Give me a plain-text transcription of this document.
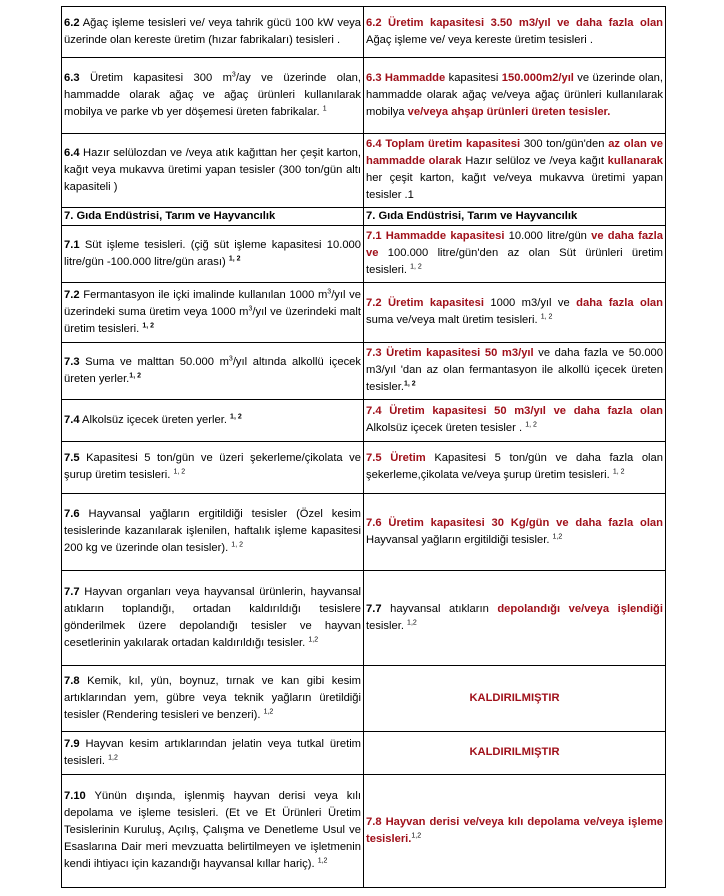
6.2 Ağaç işleme tesisleri ve/ veya tahrik gücü 100 kW veya üzerinde olan kereste üretim (hızar fabrikaları) tesisleri .	6.2 Üretim kapasitesi 3.50 m3/yıl ve daha fazla olan Ağaç işleme ve/ veya kereste üretim tesisleri .
6.3 Üretim kapasitesi 300 $m^3/ay$ ve üzerinde olan, hammadde olarak ağaç ve ağaç ürünleri kullanılarak mobilya ve parke vb yer döşemesi üreten fabrikalar. $^1$	6.3 Hammadde kapasitesi 150.000m2/yıl ve üzerinde olan, hammadde olarak ağaç ve/veya ağaç ürünleri kullanılarak mobilya ve/veya ahşap ürünleri üreten tesisler.
6.4 Hazır selülozdan ve /veya atık kağıttan her çeşit karton, kağıt veya mukavva üretimi yapan tesisler (300 ton/gün altı kapasiteli )	6.4 Toplam üretim kapasitesi 300 ton/gün'den az olan ve hammadde olarak Hazır selüloz ve /veya kağıt kullanarak her çeşit karton, kağıt ve/veya mukavva üretimi yapan tesisler .1
7. Gıda Endüstrisi, Tarım ve Hayvancılık	7. Gıda Endüstrisi, Tarım ve Hayvancılık
7.1 Süt işleme tesisleri. (çiğ süt işleme kapasitesi 10.000 litre/gün -100.000 litre/gün arası) $^{1, 2}$	7.1 Hammadde kapasitesi 10.000 litre/gün ve daha fazla ve 100.000 litre/gün'den az olan Süt ürünleri üretim tesisleri. $^{1, 2}$
7.2 Fermantasyon ile içki imalinde kullanılan 1000 $m^3$/yıl ve üzerindeki suma üretim veya 1000 $m^3$/yıl ve üzerindeki malt üretim tesisleri. $^{1, 2}$	7.2 Üretim kapasitesi 1000 m3/yıl ve daha fazla olan suma ve/veya malt üretim tesisleri. $^{1, 2}$
7.3 Suma ve malttan 50.000 $m^3$/yıl altında alkollü içecek üreten yerler.$^{1, 2}$	7.3 Üretim kapasitesi 50 m3/yıl ve daha fazla ve 50.000 m3/yıl 'dan az olan fermantasyon ile alkollü içecek üreten tesisler.$^{1, 2}$
7.4 Alkolsüz içecek üreten yerler. $^{1, 2}$	7.4 Üretim kapasitesi 50 m3/yıl ve daha fazla olan Alkolsüz içecek üreten tesisler . $^{1, 2}$
7.5 Kapasitesi 5 ton/gün ve üzeri şekerleme/çikolata ve şurup üretim tesisleri. $^{1, 2}$	7.5 Üretim Kapasitesi 5 ton/gün ve daha fazla olan şekerleme,çikolata ve/veya şurup üretim tesisleri. $^{1, 2}$
7.6 Hayvansal yağların ergitildiği tesisler (Özel kesim tesislerinde kazanılarak işlenilen, haftalık işleme kapasitesi 200 kg ve üzerinde olan tesisler). $^{1, 2}$	7.6 Üretim kapasitesi 30 Kg/gün ve daha fazla olan Hayvansal yağların ergitildiği tesisler. $^{1,2}$
7.7 Hayvan organları veya hayvansal ürünlerin, hayvansal atıkların toplandığı, ortadan kaldırıldığı tesislere gönderilmek üzere depolandığı tesisler ve hayvan cesetlerinin yakılarak ortadan kaldırıldığı tesisler. $^{1,2}$	7.7 hayvansal atıkların depolandığı ve/veya işlendiği tesisler. $^{1,2}$
7.8 Kemik, kıl, yün, boynuz, tırnak ve kan gibi kesim artıklarından yem, gübre veya teknik yağların üretildiği tesisler (Rendering tesisleri ve benzeri). $^{1,2}$	KALDIRILMIŞTIR
7.9 Hayvan kesim artıklarından jelatin veya tutkal üretim tesisleri. $^{1,2}$	KALDIRILMIŞTIR
7.10 Yünün dışında, işlenmiş hayvan derisi veya kılı depolama ve işleme tesisleri. (Et ve Et Ürünleri Üretim Tesislerinin Kuruluş, Açılış, Çalışma ve Denetleme Usul ve Esaslarına Dair meri mevzuatta belirtilmeyen ve işletmenin kendi ihtiyacı için kazandığı hayvansal kıllar hariç). $^{1,2}$	7.8 Hayvan derisi ve/veya kılı depolama ve/veya işleme tesisleri.$^{1,2}$
